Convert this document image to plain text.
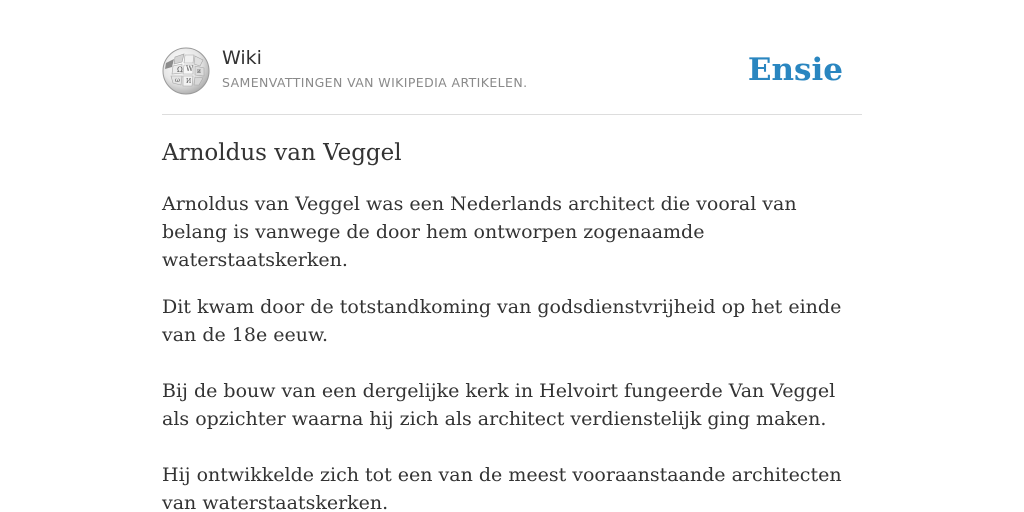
Ω W и
ω И
Wiki
SAMENVATTINGEN VAN WIKIPEDIA ARTIKELEN.	Ensie
Arnoldus van Veggel

Arnoldus van Veggel was een Nederlands architect die vooral van belang is vanwege de door hem ontworpen zogenaamde waterstaatskerken.

Dit kwam door de totstandkoming van godsdienstvrijheid op het einde van de 18e eeuw.

Bij de bouw van een dergelijke kerk in Helvoirt fungeerde Van Veggel als opzichter waarna hij zich als architect verdienstelijk ging maken.

Hij ontwikkelde zich tot een van de meest vooraanstaande architecten van waterstaatskerken.
